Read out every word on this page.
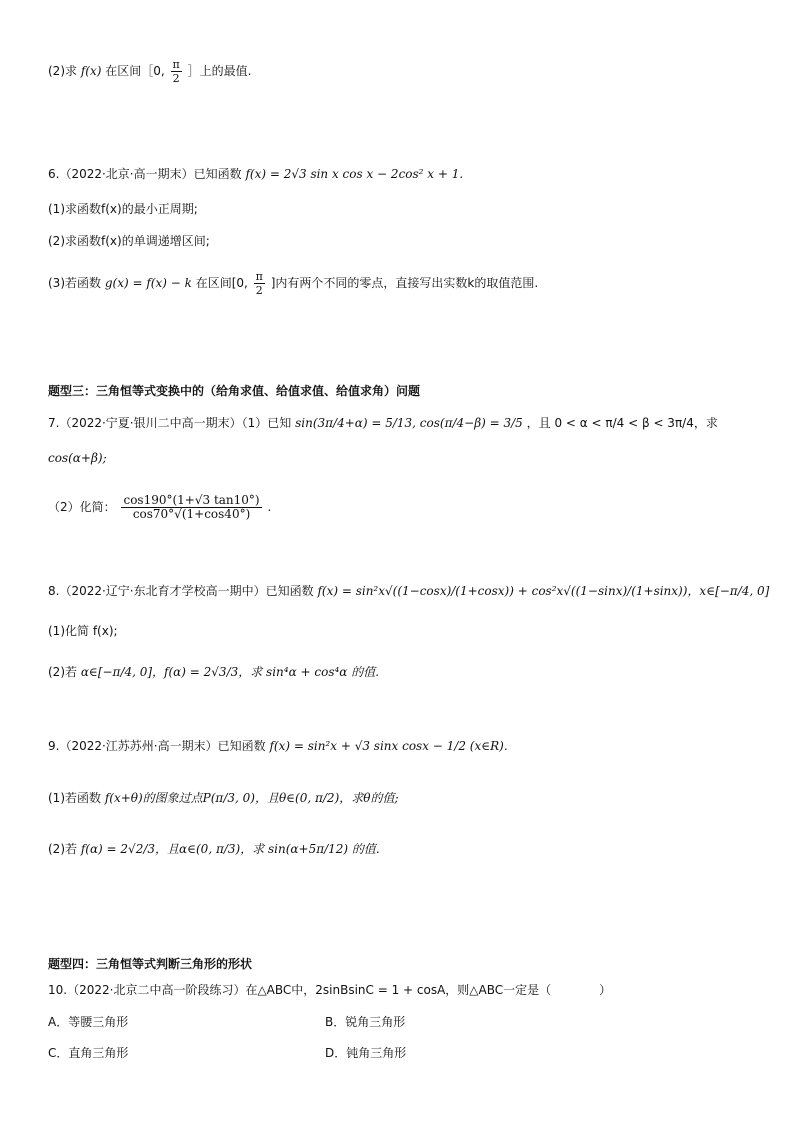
(2)求 f(x) 在区间［0, $\frac{\pi}{2}$ ］上的最值.
6.（2022·北京·高一期末）已知函数 f(x) = 2√3 sin x cos x − 2cos² x + 1.
(1)求函数f(x)的最小正周期;
(2)求函数f(x)的单调递增区间;
(3)若函数 g(x) = f(x) − k 在区间[0, $\frac{\pi}{2}$ ]内有两个不同的零点，直接写出实数k的取值范围.
题型三：三角恒等式变换中的（给角求值、给值求值、给值求角）问题
7.（2022·宁夏·银川二中高一期末）（1）已知 sin(3π/4+α) = 5/13, cos(π/4−β) = 3/5 ，且 0 < α < π/4 < β < 3π/4，求
cos(α+β);
（2）化简： $\frac{\cos 190^\circ(1+√3 \tan 10^\circ)}{\cos 70^\circ√(1+\cos 40^\circ)}$ .
8.（2022·辽宁·东北育才学校高一期中）已知函数 f(x) = sin²x√((1−cosx)/(1+cosx)) + cos²x√((1−sinx)/(1+sinx))，x∈[−π/4, 0]
(1)化简 f(x);
(2)若 α∈[−π/4, 0]，f(α) = 2√3/3，求 sin⁴α + cos⁴α 的值.
9.（2022·江苏苏州·高一期末）已知函数 f(x) = sin²x + √3 sinx cosx − 1/2 (x∈R).
(1)若函数 f(x+θ)的图象过点P(π/3, 0)，且θ∈(0, π/2)，求θ的值;
(2)若 f(α) = 2√2/3，且α∈(0, π/3)，求 sin(α+5π/12) 的值.
题型四：三角恒等式判断三角形的形状
10.（2022·北京二中高一阶段练习）在△ABC中，2sinBsinC = 1 + cosA，则△ABC一定是（　　　　）
A．等腰三角形	B．锐角三角形
C．直角三角形	D．钝角三角形
